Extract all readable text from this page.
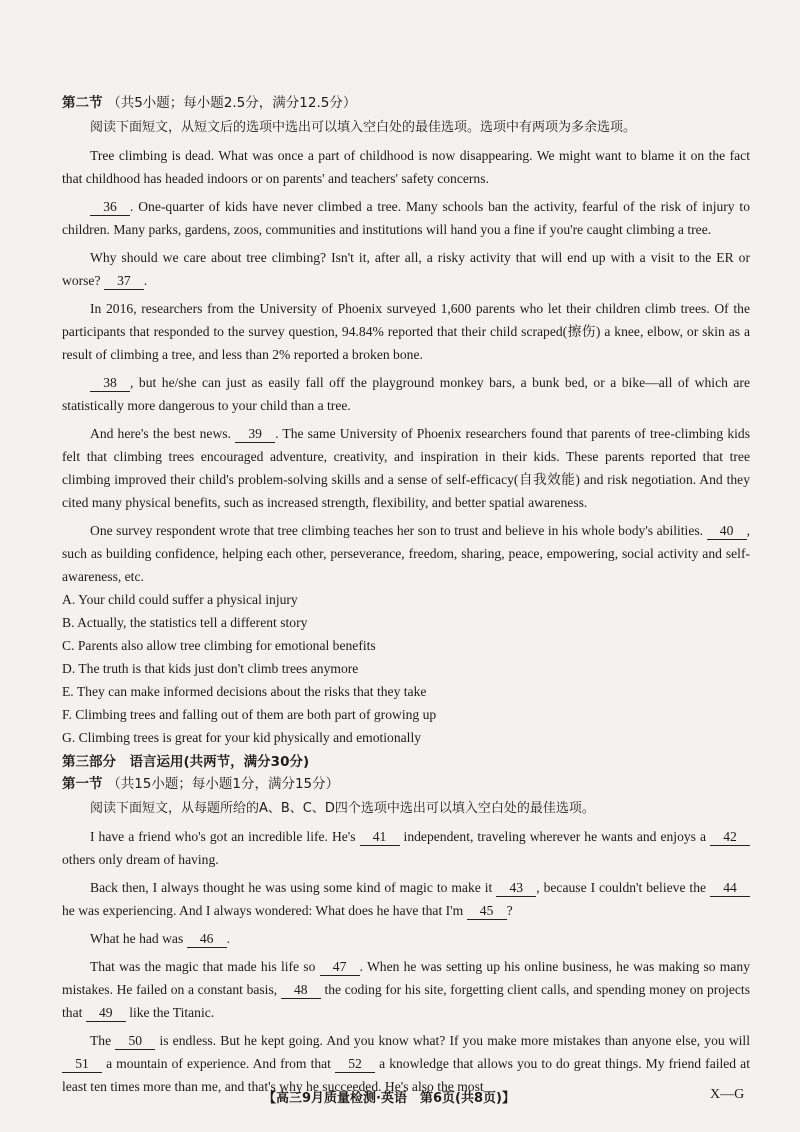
第二节 （共5小题；每小题2.5分，满分12.5分）

阅读下面短文，从短文后的选项中选出可以填入空白处的最佳选项。选项中有两项为多余选项。

Tree climbing is dead. What was once a part of childhood is now disappearing. We might want to blame it on the fact that childhood has headed indoors or on parents' and teachers' safety concerns.

36 . One-quarter of kids have never climbed a tree. Many schools ban the activity, fearful of the risk of injury to children. Many parks, gardens, zoos, communities and institutions will hand you a fine if you're caught climbing a tree.

Why should we care about tree climbing? Isn't it, after all, a risky activity that will end up with a visit to the ER or worse? 37 .

In 2016, researchers from the University of Phoenix surveyed 1,600 parents who let their children climb trees. Of the participants that responded to the survey question, 94.84% reported that their child scraped(擦伤) a knee, elbow, or skin as a result of climbing a tree, and less than 2% reported a broken bone.

38 , but he/she can just as easily fall off the playground monkey bars, a bunk bed, or a bike—all of which are statistically more dangerous to your child than a tree.

And here's the best news. 39 . The same University of Phoenix researchers found that parents of tree-climbing kids felt that climbing trees encouraged adventure, creativity, and inspiration in their kids. These parents reported that tree climbing improved their child's problem-solving skills and a sense of self-efficacy(自我效能) and risk negotiation. And they cited many physical benefits, such as increased strength, flexibility, and better spatial awareness.

One survey respondent wrote that tree climbing teaches her son to trust and believe in his whole body's abilities. 40 , such as building confidence, helping each other, perseverance, freedom, sharing, peace, empowering, social activity and self-awareness, etc.

A. Your child could suffer a physical injury

B. Actually, the statistics tell a different story

C. Parents also allow tree climbing for emotional benefits

D. The truth is that kids just don't climb trees anymore

E. They can make informed decisions about the risks that they take

F. Climbing trees and falling out of them are both part of growing up

G. Climbing trees is great for your kid physically and emotionally

第三部分　语言运用(共两节，满分30分)

第一节 （共15小题；每小题1分，满分15分）

阅读下面短文，从每题所给的A、B、C、D四个选项中选出可以填入空白处的最佳选项。

I have a friend who's got an incredible life. He's 41 independent, traveling wherever he wants and enjoys a 42 others only dream of having.

Back then, I always thought he was using some kind of magic to make it 43 , because I couldn't believe the 44 he was experiencing. And I always wondered: What does he have that I'm 45 ?

What he had was 46 .

That was the magic that made his life so 47 . When he was setting up his online business, he was making so many mistakes. He failed on a constant basis, 48 the coding for his site, forgetting client calls, and spending money on projects that 49 like the Titanic.

The 50 is endless. But he kept going. And you know what? If you make more mistakes than anyone else, you will 51 a mountain of experience. And from that 52 a knowledge that allows you to do great things. My friend failed at least ten times more than me, and that's why he succeeded. He's also the most

【高三9月质量检测·英语　第6页(共8页)】	X—G
